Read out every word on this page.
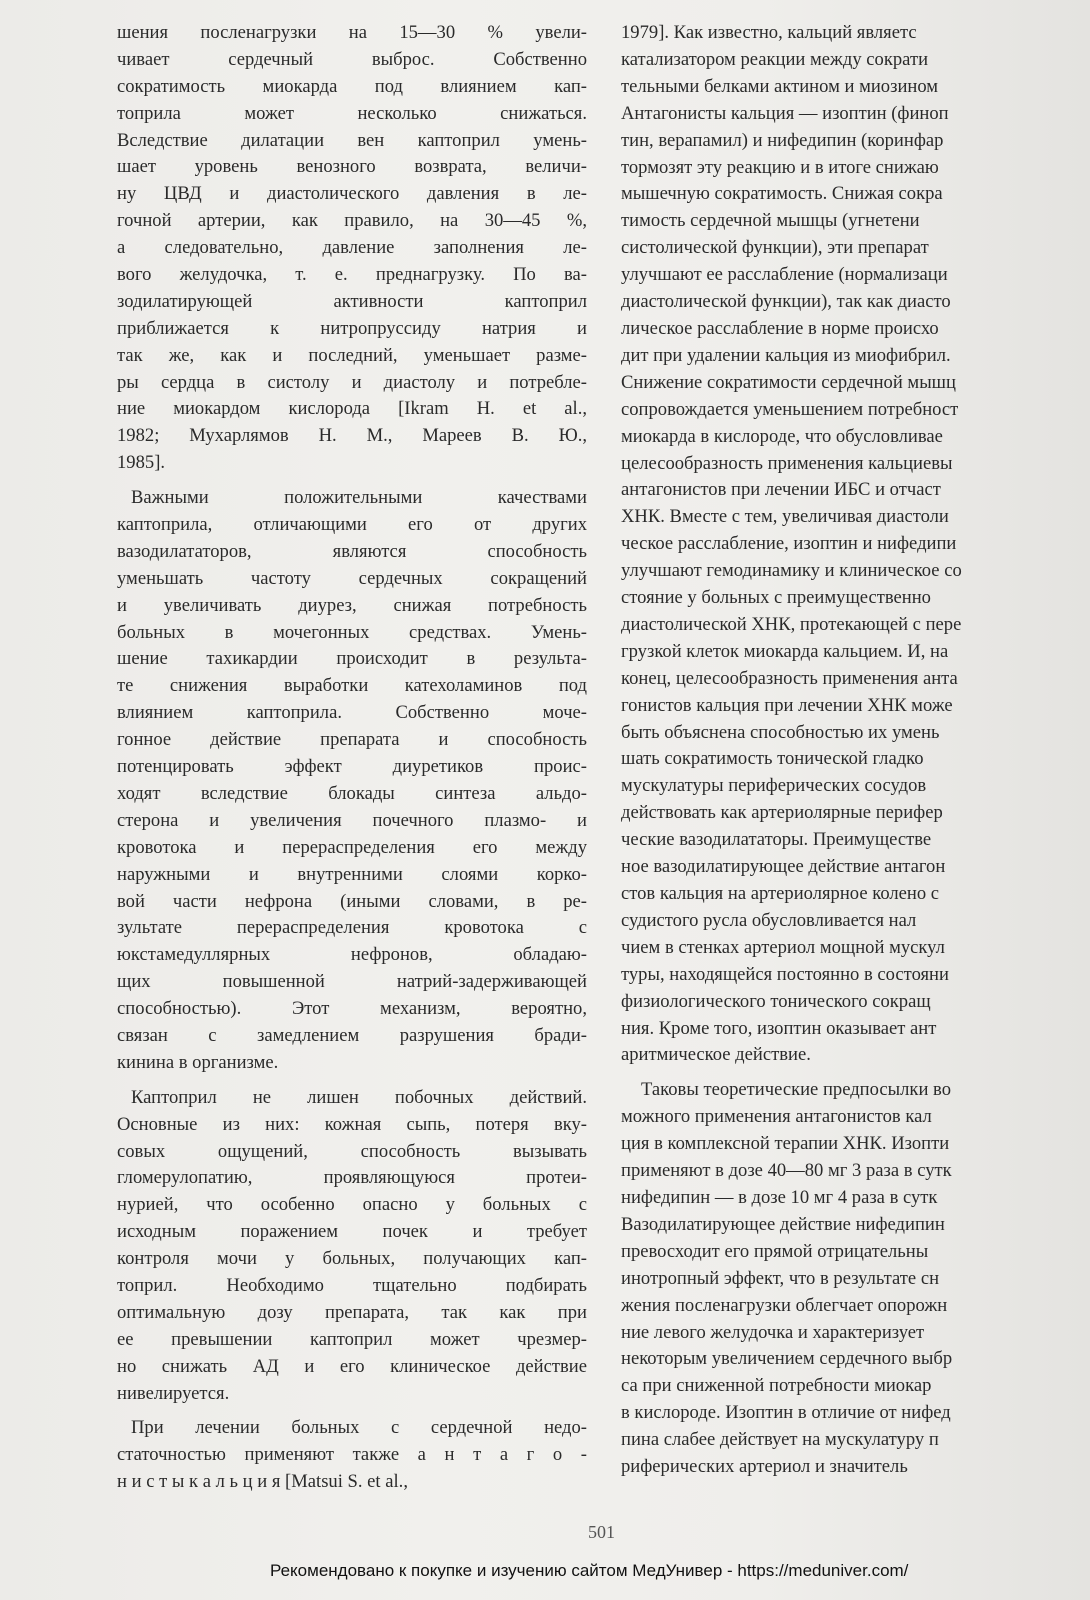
шения посленагрузки на 15—30 % увели-
чивает сердечный выброс. Собственно
сократимость миокарда под влиянием кап-
топрила может несколько снижаться.
Вследствие дилатации вен каптоприл умень-
шает уровень венозного возврата, величи-
ну ЦВД и диастолического давления в ле-
гочной артерии, как правило, на 30—45 %,
а следовательно, давление заполнения ле-
вого желудочка, т. е. преднагрузку. По ва-
зодилатирующей активности каптоприл
приближается к нитропруссиду натрия и
так же, как и последний, уменьшает разме-
ры сердца в систолу и диастолу и потребле-
ние миокардом кислорода [Ikram H. et al.,
1982; Мухарлямов Н. М., Мареев В. Ю.,
1985].
Важными положительными качествами
каптоприла, отличающими его от других
вазодилататоров, являются способность
уменьшать частоту сердечных сокращений
и увеличивать диурез, снижая потребность
больных в мочегонных средствах. Умень-
шение тахикардии происходит в результа-
те снижения выработки катехоламинов под
влиянием каптоприла. Собственно моче-
гонное действие препарата и способность
потенцировать эффект диуретиков проис-
ходят вследствие блокады синтеза альдо-
стерона и увеличения почечного плазмо- и
кровотока и перераспределения его между
наружными и внутренними слоями корко-
вой части нефрона (иными словами, в ре-
зультате перераспределения кровотока с
юкстамедуллярных нефронов, обладаю-
щих повышенной натрий-задерживающей
способностью). Этот механизм, вероятно,
связан с замедлением разрушения бради-
кинина в организме.
Каптоприл не лишен побочных действий.
Основные из них: кожная сыпь, потеря вку-
совых ощущений, способность вызывать
гломерулопатию, проявляющуюся протеи-
нурией, что особенно опасно у больных с
исходным поражением почек и требует
контроля мочи у больных, получающих кап-
топрил. Необходимо тщательно подбирать
оптимальную дозу препарата, так как при
ее превышении каптоприл может чрезмер-
но снижать АД и его клиническое действие
нивелируется.
При лечении больных с сердечной недо-
статочностью применяют также а н т а г о -
н и с т ы к а л ь ц и я [Matsui S. et al.,
1979]. Как известно, кальций являетс
катализатором реакции между сократи
тельными белками актином и миозином
Антагонисты кальция — изоптин (финоп
тин, верапамил) и нифедипин (коринфар
тормозят эту реакцию и в итоге снижаю
мышечную сократимость. Снижая сокра
тимость сердечной мышцы (угнетени
систолической функции), эти препарат
улучшают ее расслабление (нормализаци
диастолической функции), так как диасто
лическое расслабление в норме происхо
дит при удалении кальция из миофибрил.
Снижение сократимости сердечной мышц
сопровождается уменьшением потребност
миокарда в кислороде, что обусловливае
целесообразность применения кальциевы
антагонистов при лечении ИБС и отчаст
ХНК. Вместе с тем, увеличивая диастоли
ческое расслабление, изоптин и нифедипи
улучшают гемодинамику и клиническое со
стояние у больных с преимущественно
диастолической ХНК, протекающей с пере
грузкой клеток миокарда кальцием. И, на
конец, целесообразность применения анта
гонистов кальция при лечении ХНК може
быть объяснена способностью их умень
шать сократимость тонической гладко
мускулатуры периферических сосудов
действовать как артериолярные перифер
ческие вазодилататоры. Преимуществе
ное вазодилатирующее действие антагон
стов кальция на артериолярное колено с
судистого русла обусловливается нал
чием в стенках артериол мощной мускул
туры, находящейся постоянно в состояни
физиологического тонического сокращ
ния. Кроме того, изоптин оказывает ант
аритмическое действие.
Таковы теоретические предпосылки во
можного применения антагонистов кал
ция в комплексной терапии ХНК. Изопти
применяют в дозе 40—80 мг 3 раза в сутк
нифедипин — в дозе 10 мг 4 раза в сутк
Вазодилатирующее действие нифедипин
превосходит его прямой отрицательны
инотропный эффект, что в результате сн
жения посленагрузки облегчает опорожн
ние левого желудочка и характеризует
некоторым увеличением сердечного выбр
са при сниженной потребности миокар
в кислороде. Изоптин в отличие от нифед
пина слабее действует на мускулатуру п
риферических артериол и значитель
501
Рекомендовано к покупке и изучению сайтом МедУнивер - https://meduniver.com/
